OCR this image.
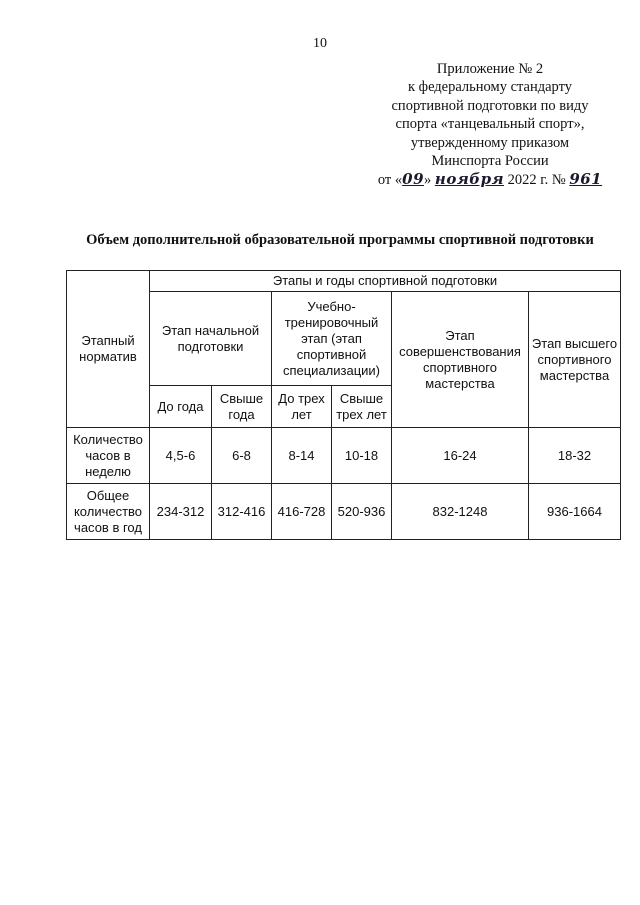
10
Приложение № 2
к федеральному стандарту
спортивной подготовки по виду
спорта «танцевальный спорт»,
утвержденному приказом
Минспорта России
от «09» ноября 2022 г. № 961
Объем дополнительной образовательной программы спортивной подготовки
Этапный норматив	Этапы и годы спортивной подготовки					
	Этап начальной подготовки		Учебно-тренировочный этап (этап спортивной специализации)		Этап совершенствования спортивного мастерства	Этап высшего спортивного мастерства
	До года	Свыше года	До трех лет	Свыше трех лет		
Количество часов в неделю	4,5-6	6-8	8-14	10-18	16-24	18-32
Общее количество часов в год	234-312	312-416	416-728	520-936	832-1248	936-1664
